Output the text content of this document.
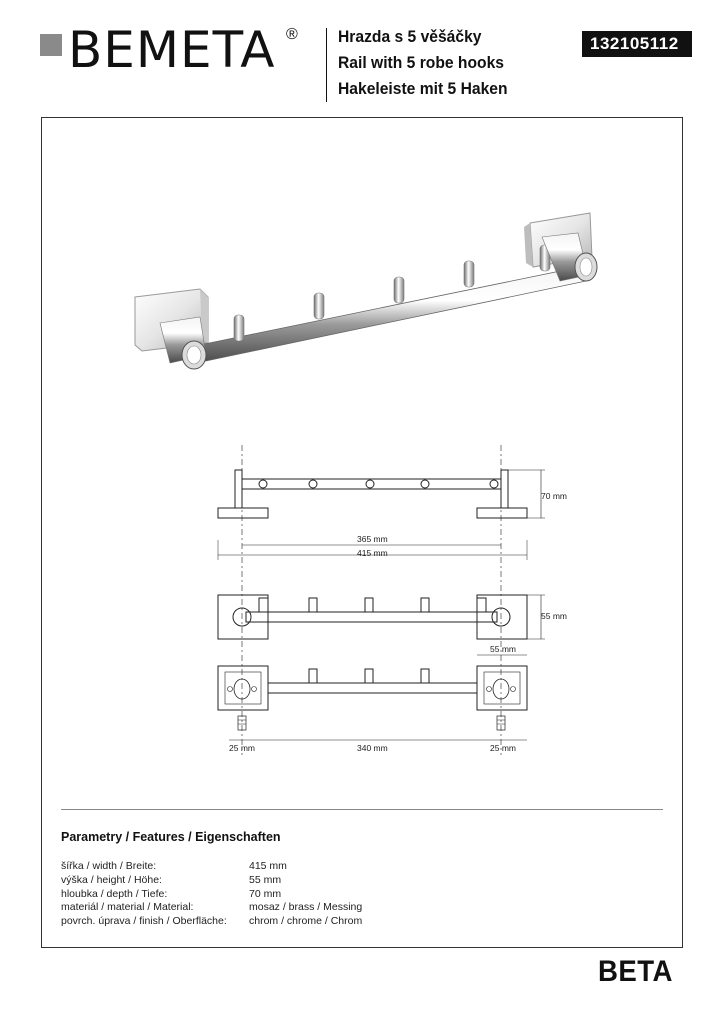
BEMETA ® Hrazda s 5 věšáčky
Rail with 5 robe hooks
Hakeleiste mit 5 Haken
132105112
70 mm
365 mm
415 mm
55 mm
55 mm
25 mm	340 mm	25 mm
Parametry / Features / Eigenschaften
šířka / width / Breite:	415 mm
výška / height / Höhe:	55 mm
hloubka / depth / Tiefe:	70 mm
materiál / material / Material:	mosaz / brass / Messing
povrch. úprava / finish / Oberfläche: chrom / chrome / Chrom
BETA
